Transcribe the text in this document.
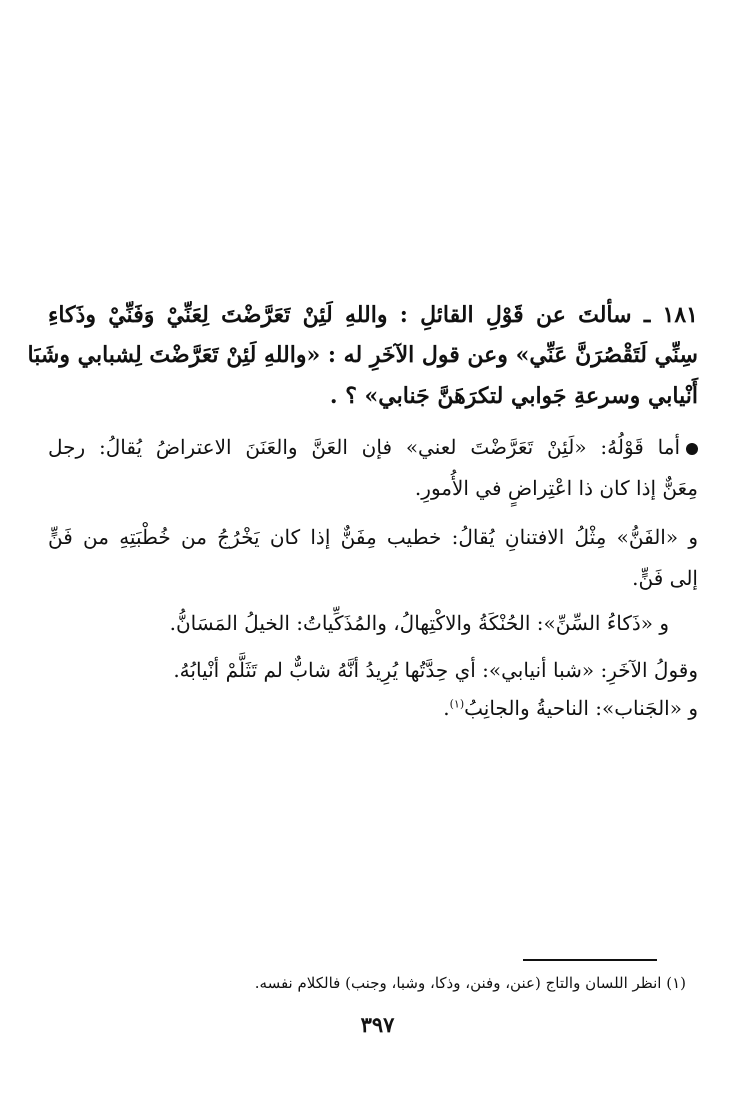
١٨١ ـ سألتَ عن قَوْلِ القائلِ : واللهِ لَئِنْ تَعَرَّضْتَ لِعَنِّيْ وَفَنِّيْ وذَكاءِ
سِنِّي لَتَقْصُرَنَّ عَنِّي» وعن قول الآخَرِ له : «واللهِ لَئِنْ تَعَرَّضْتَ لِشبابي وشَبَا
أَنْيابي وسرعةِ جَوابي لتكرَهَنَّ جَنابي» ؟ .
أما قَوْلُهُ: «لَئِنْ تَعَرَّضْتَ لعني» فإن العَنَّ والعَنَنَ الاعتراضُ يُقالُ: رجل
مِعَنٌّ إذا كان ذا اعْتِراضٍ في الأُمورِ.
و «الفَنُّ» مِثْلُ الافتنانِ يُقالُ: خطيب مِفَنٌّ إذا كان يَخْرُجُ من خُطْبَتِهِ من فَنٍّ
إلى فَنٍّ.
و «ذَكاءُ السِّنِّ»: الحُنْكَةُ والاكْتِهالُ، والمُذَكِّياتُ: الخيلُ المَسَانُّ.
وقولُ الآخَرِ: «شبا أنيابي»: أي حِدَّتُها يُرِيدُ أنَّهُ شابٌّ لم تَثَلَّمْ أنْيابُهُ.
و «الجَناب»: الناحيةُ والجانِبُ$^{(١)}$.
(١) انظر اللسان والتاج (عنن، وفنن، وذكا، وشبا، وجنب) فالكلام نفسه.
٣٩٧
